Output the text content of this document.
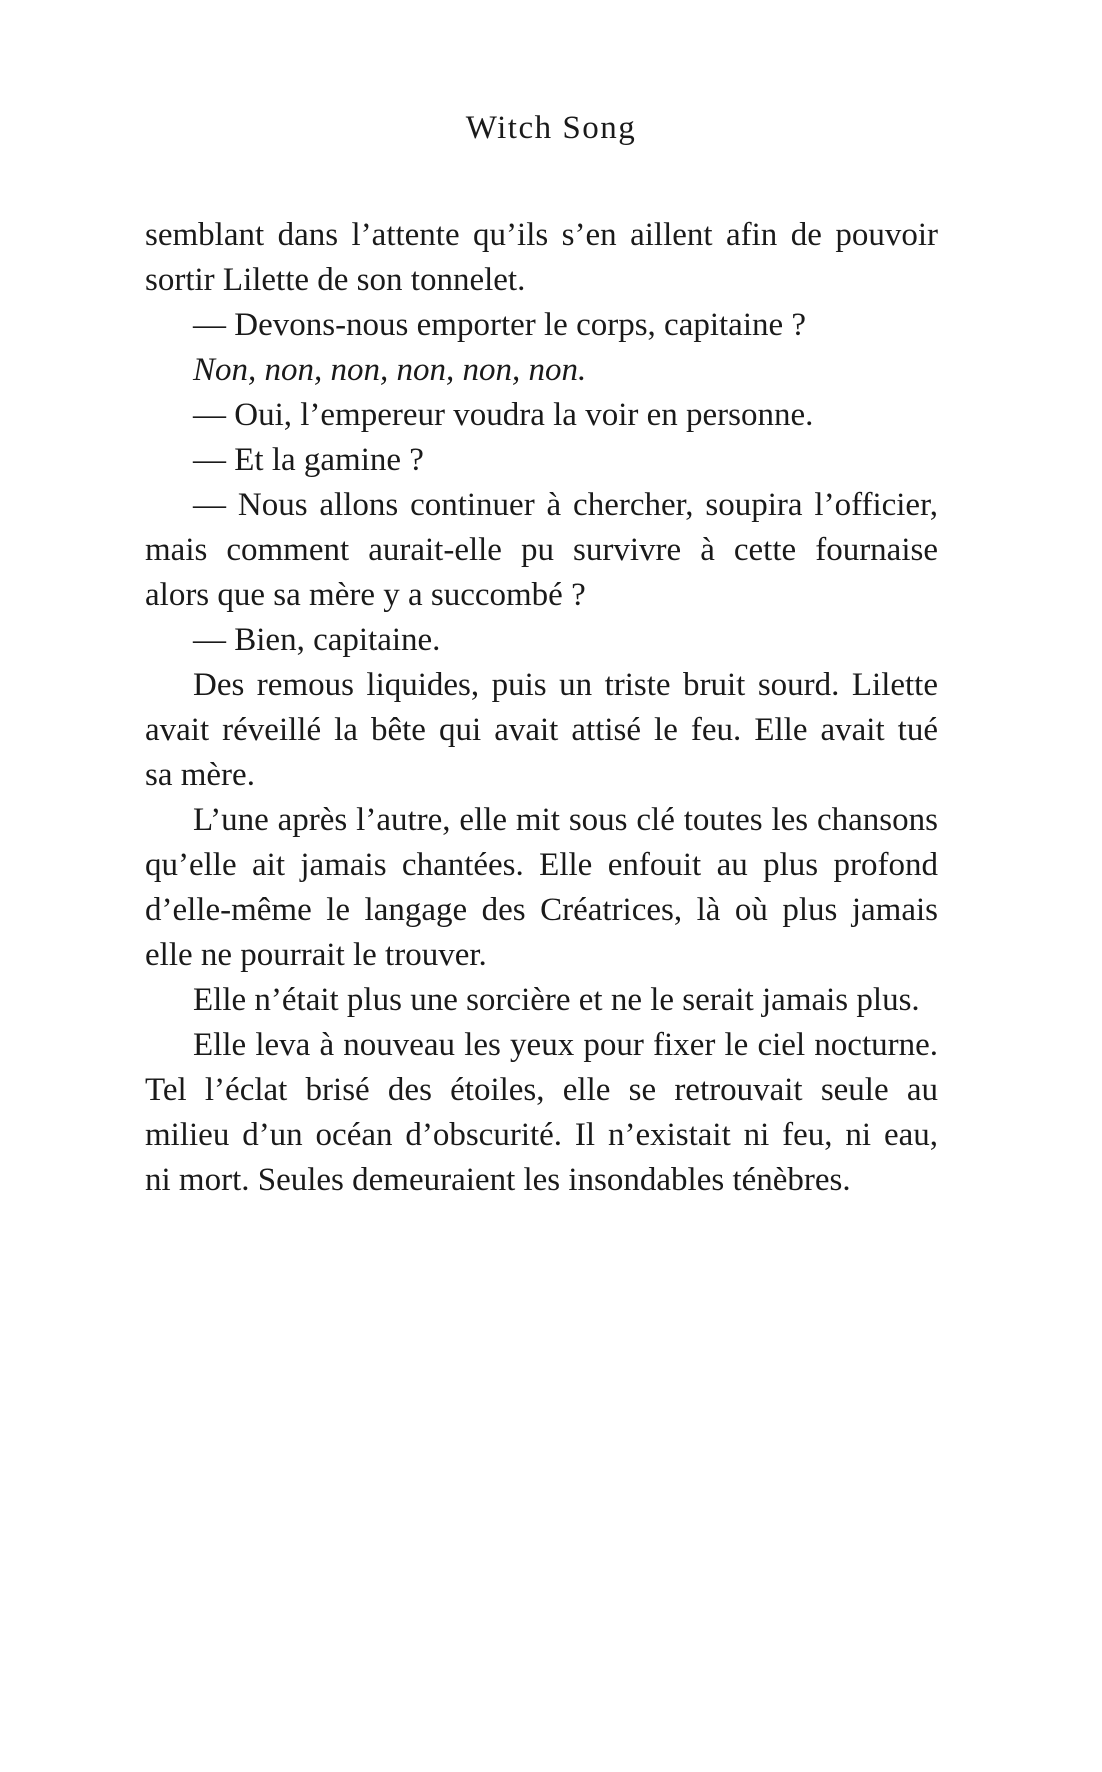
Witch Song
semblant dans l’attente qu’ils s’en aillent afin de pouvoir
sortir Lilette de son tonnelet.
— Devons-nous emporter le corps, capitaine ?
Non, non, non, non, non, non.
— Oui, l’empereur voudra la voir en personne.
— Et la gamine ?
— Nous allons continuer à chercher, soupira l’officier,
mais comment aurait-elle pu survivre à cette fournaise
alors que sa mère y a succombé ?
— Bien, capitaine.
Des remous liquides, puis un triste bruit sourd. Lilette
avait réveillé la bête qui avait attisé le feu. Elle avait tué
sa mère.
L’une après l’autre, elle mit sous clé toutes les chansons
qu’elle ait jamais chantées. Elle enfouit au plus profond
d’elle-même le langage des Créatrices, là où plus jamais
elle ne pourrait le trouver.
Elle n’était plus une sorcière et ne le serait jamais plus.
Elle leva à nouveau les yeux pour fixer le ciel nocturne.
Tel l’éclat brisé des étoiles, elle se retrouvait seule au
milieu d’un océan d’obscurité. Il n’existait ni feu, ni eau,
ni mort. Seules demeuraient les insondables ténèbres.
